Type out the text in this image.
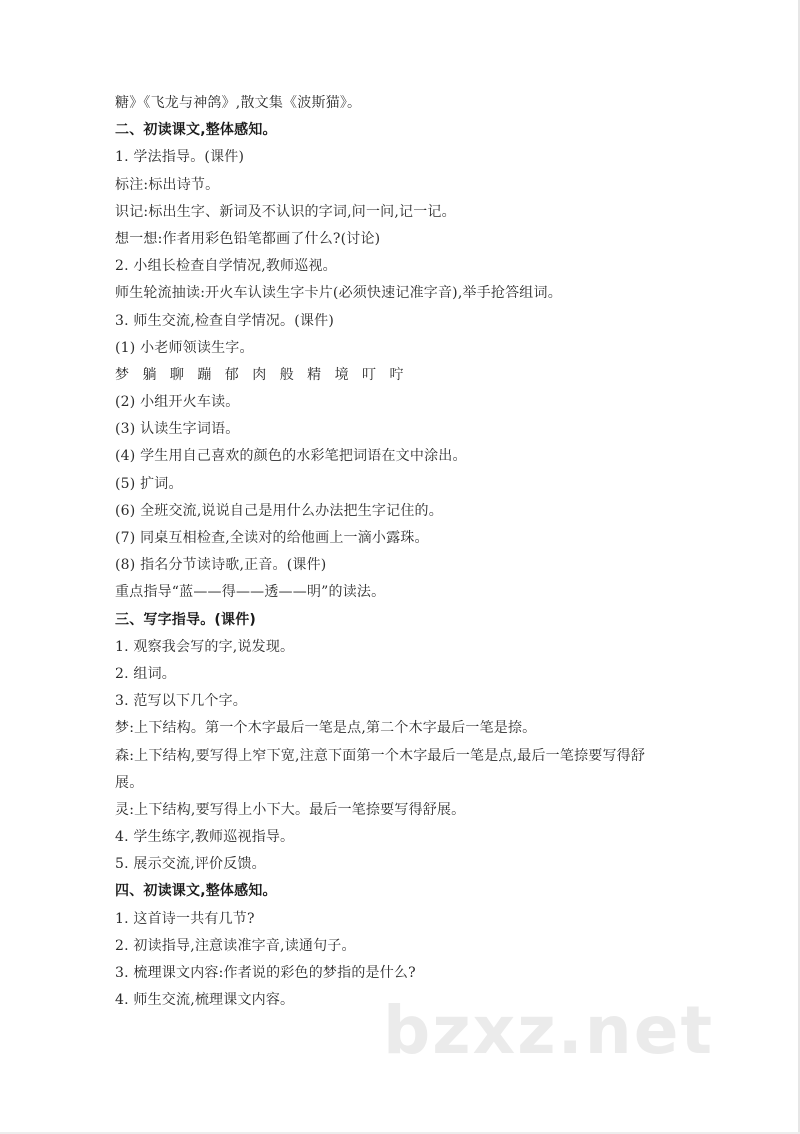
糖》《飞龙与神鸽》,散文集《波斯猫》。
二、初读课文,整体感知。
1. 学法指导。(课件)
标注:标出诗节。
识记:标出生字、新词及不认识的字词,问一问,记一记。
想一想:作者用彩色铅笔都画了什么?(讨论)
2. 小组长检查自学情况,教师巡视。
师生轮流抽读:开火车认读生字卡片(必须快速记准字音),举手抢答组词。
3. 师生交流,检查自学情况。(课件)
(1) 小老师领读生字。
梦 躺 聊 蹦 郁 肉 般 精 境 叮 咛
(2) 小组开火车读。
(3) 认读生字词语。
(4) 学生用自己喜欢的颜色的水彩笔把词语在文中涂出。
(5) 扩词。
(6) 全班交流,说说自己是用什么办法把生字记住的。
(7) 同桌互相检查,全读对的给他画上一滴小露珠。
(8) 指名分节读诗歌,正音。(课件)
重点指导“蓝——得——透——明”的读法。
三、写字指导。(课件)
1. 观察我会写的字,说发现。
2. 组词。
3. 范写以下几个字。
梦:上下结构。第一个木字最后一笔是点,第二个木字最后一笔是捺。
森:上下结构,要写得上窄下宽,注意下面第一个木字最后一笔是点,最后一笔捺要写得舒
展。
灵:上下结构,要写得上小下大。最后一笔捺要写得舒展。
4. 学生练字,教师巡视指导。
5. 展示交流,评价反馈。
四、初读课文,整体感知。
1. 这首诗一共有几节?
2. 初读指导,注意读准字音,读通句子。
3. 梳理课文内容:作者说的彩色的梦指的是什么?
4. 师生交流,梳理课文内容。	bzxz.net
